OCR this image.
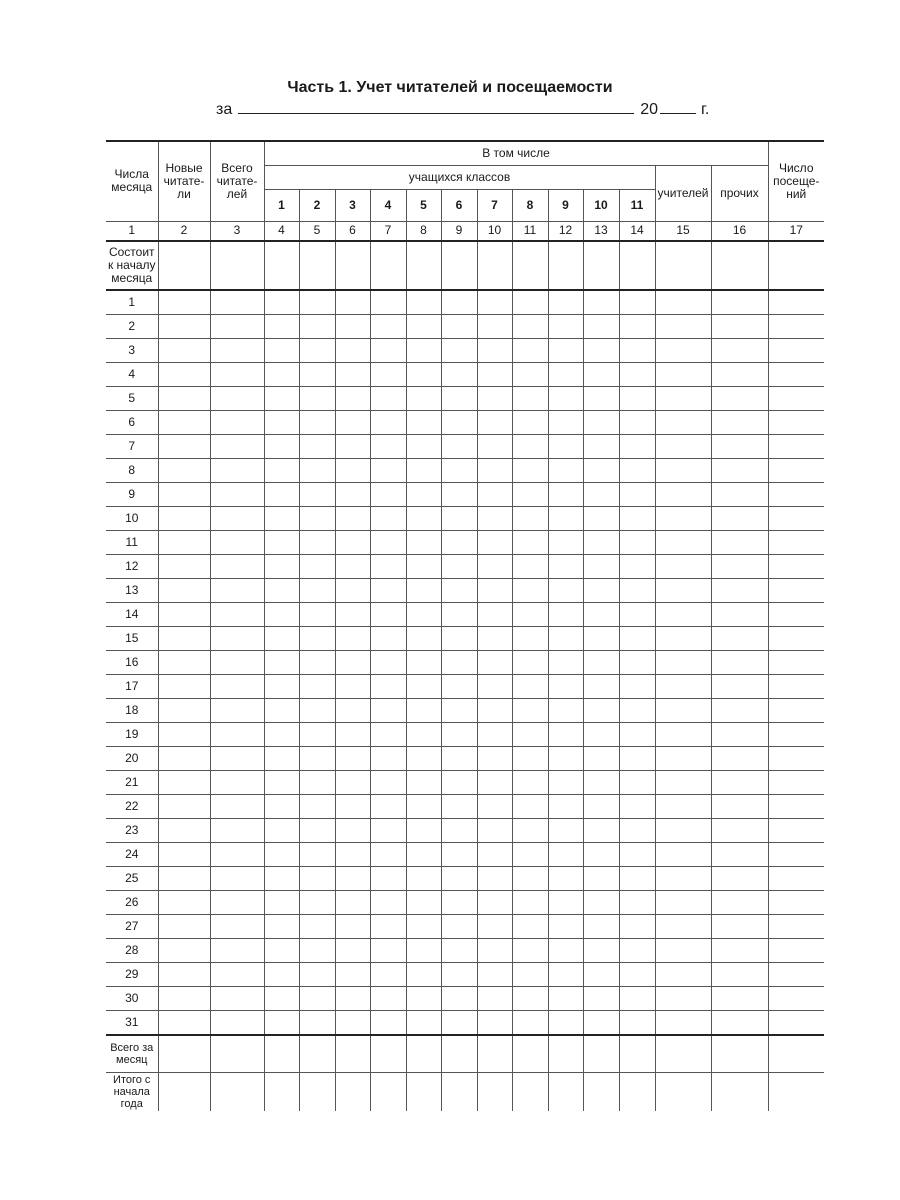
Часть 1. Учет читателей и посещаемости
за	20	г.
Числа месяца	Новые читате-ли	Всего читате-лей	В том числе													Число посеще-ний
			учащихся классов											учителей	прочих	
			1	2	3	4	5	6	7	8	9	10	11			
1	2	3	4	5	6	7	8	9	10	11	12	13	14	15	16	17
Состоит к началу месяца																
1																
2																
3																
4																
5																
6																
7																
8																
9																
10																
11																
12																
13																
14																
15																
16																
17																
18																
19																
20																
21																
22																
23																
24																
25																
26																
27																
28																
29																
30																
31																
Всего за месяц																
Итого с начала года																
